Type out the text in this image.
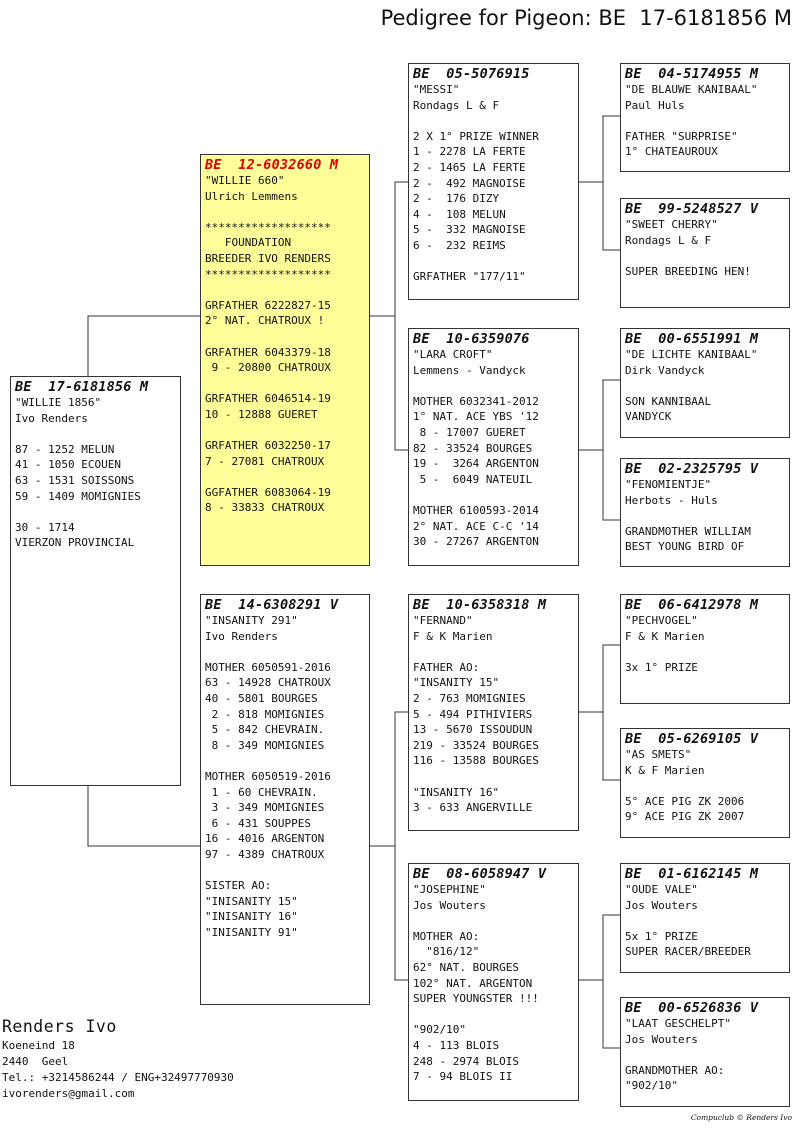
Pedigree for Pigeon: BE  17-6181856 M
BE  17-6181856 M
"WILLIE 1856"
Ivo Renders
87 - 1252 MELUN
41 - 1050 ECOUEN
63 - 1531 SOISSONS
59 - 1409 MOMIGNIES
30 - 1714
VIERZON PROVINCIAL
BE  12-6032660 M
"WILLIE 660"
Ulrich Lemmens
*******************
FOUNDATION
BREEDER IVO RENDERS
*******************
GRFATHER 6222827-15
2° NAT. CHATROUX !
GRFATHER 6043379-18
9 - 20800 CHATROUX
GRFATHER 6046514-19
10 - 12888 GUERET
GRFATHER 6032250-17
7 - 27081 CHATROUX
GGFATHER 6083064-19
8 - 33833 CHATROUX
BE  14-6308291 V
"INSANITY 291"
Ivo Renders
MOTHER 6050591-2016
63 - 14928 CHATROUX
40 - 5801 BOURGES
2 - 818 MOMIGNIES
5 - 842 CHEVRAIN.
8 - 349 MOMIGNIES
MOTHER 6050519-2016
1 - 60 CHEVRAIN.
3 - 349 MOMIGNIES
6 - 431 SOUPPES
16 - 4016 ARGENTON
97 - 4389 CHATROUX
SISTER AO:
"INISANITY 15"
"INISANITY 16"
"INISANITY 91"
BE  05-5076915
"MESSI"
Rondags L & F
2 X 1° PRIZE WINNER
1 - 2278 LA FERTE
2 - 1465 LA FERTE
2 -  492 MAGNOISE
2 -  176 DIZY
4 -  108 MELUN
5 -  332 MAGNOISE
6 -  232 REIMS
GRFATHER "177/11"
BE  10-6359076
"LARA CROFT"
Lemmens - Vandyck
MOTHER 6032341-2012
1° NAT. ACE YBS '12
8 - 17007 GUERET
82 - 33524 BOURGES
19 -  3264 ARGENTON
5 -  6049 NATEUIL
MOTHER 6100593-2014
2° NAT. ACE C-C '14
30 - 27267 ARGENTON
BE  10-6358318 M
"FERNAND"
F & K Marien
FATHER AO:
"INSANITY 15"
2 - 763 MOMIGNIES
5 - 494 PITHIVIERS
13 - 5670 ISSOUDUN
219 - 33524 BOURGES
116 - 13588 BOURGES
"INSANITY 16"
3 - 633 ANGERVILLE
BE  08-6058947 V
"JOSEPHINE"
Jos Wouters
MOTHER AO:
"816/12"
62° NAT. BOURGES
102° NAT. ARGENTON
SUPER YOUNGSTER !!!
"902/10"
4 - 113 BLOIS
248 - 2974 BLOIS
7 - 94 BLOIS II
BE  04-5174955 M
"DE BLAUWE KANIBAAL"
Paul Huls
FATHER "SURPRISE"
1° CHATEAUROUX
BE  99-5248527 V
"SWEET CHERRY"
Rondags L & F
SUPER BREEDING HEN!
BE  00-6551991 M
"DE LICHTE KANIBAAL"
Dirk Vandyck
SON KANNIBAAL
VANDYCK
BE  02-2325795 V
"FENOMIENTJE"
Herbots - Huls
GRANDMOTHER WILLIAM
BEST YOUNG BIRD OF
BE  06-6412978 M
"PECHVOGEL"
F & K Marien
3x 1° PRIZE
BE  05-6269105 V
"AS SMETS"
K & F Marien
5° ACE PIG ZK 2006
9° ACE PIG ZK 2007
BE  01-6162145 M
"OUDE VALE"
Jos Wouters
5x 1° PRIZE
SUPER RACER/BREEDER
BE  00-6526836 V
"LAAT GESCHELPT"
Jos Wouters
GRANDMOTHER AO:
"902/10"
Renders Ivo
Koeneind 18
2440  Geel
Tel.: +3214586244 / ENG+32497770930
ivorenders@gmail.com
Compuclub © Renders Ivo
